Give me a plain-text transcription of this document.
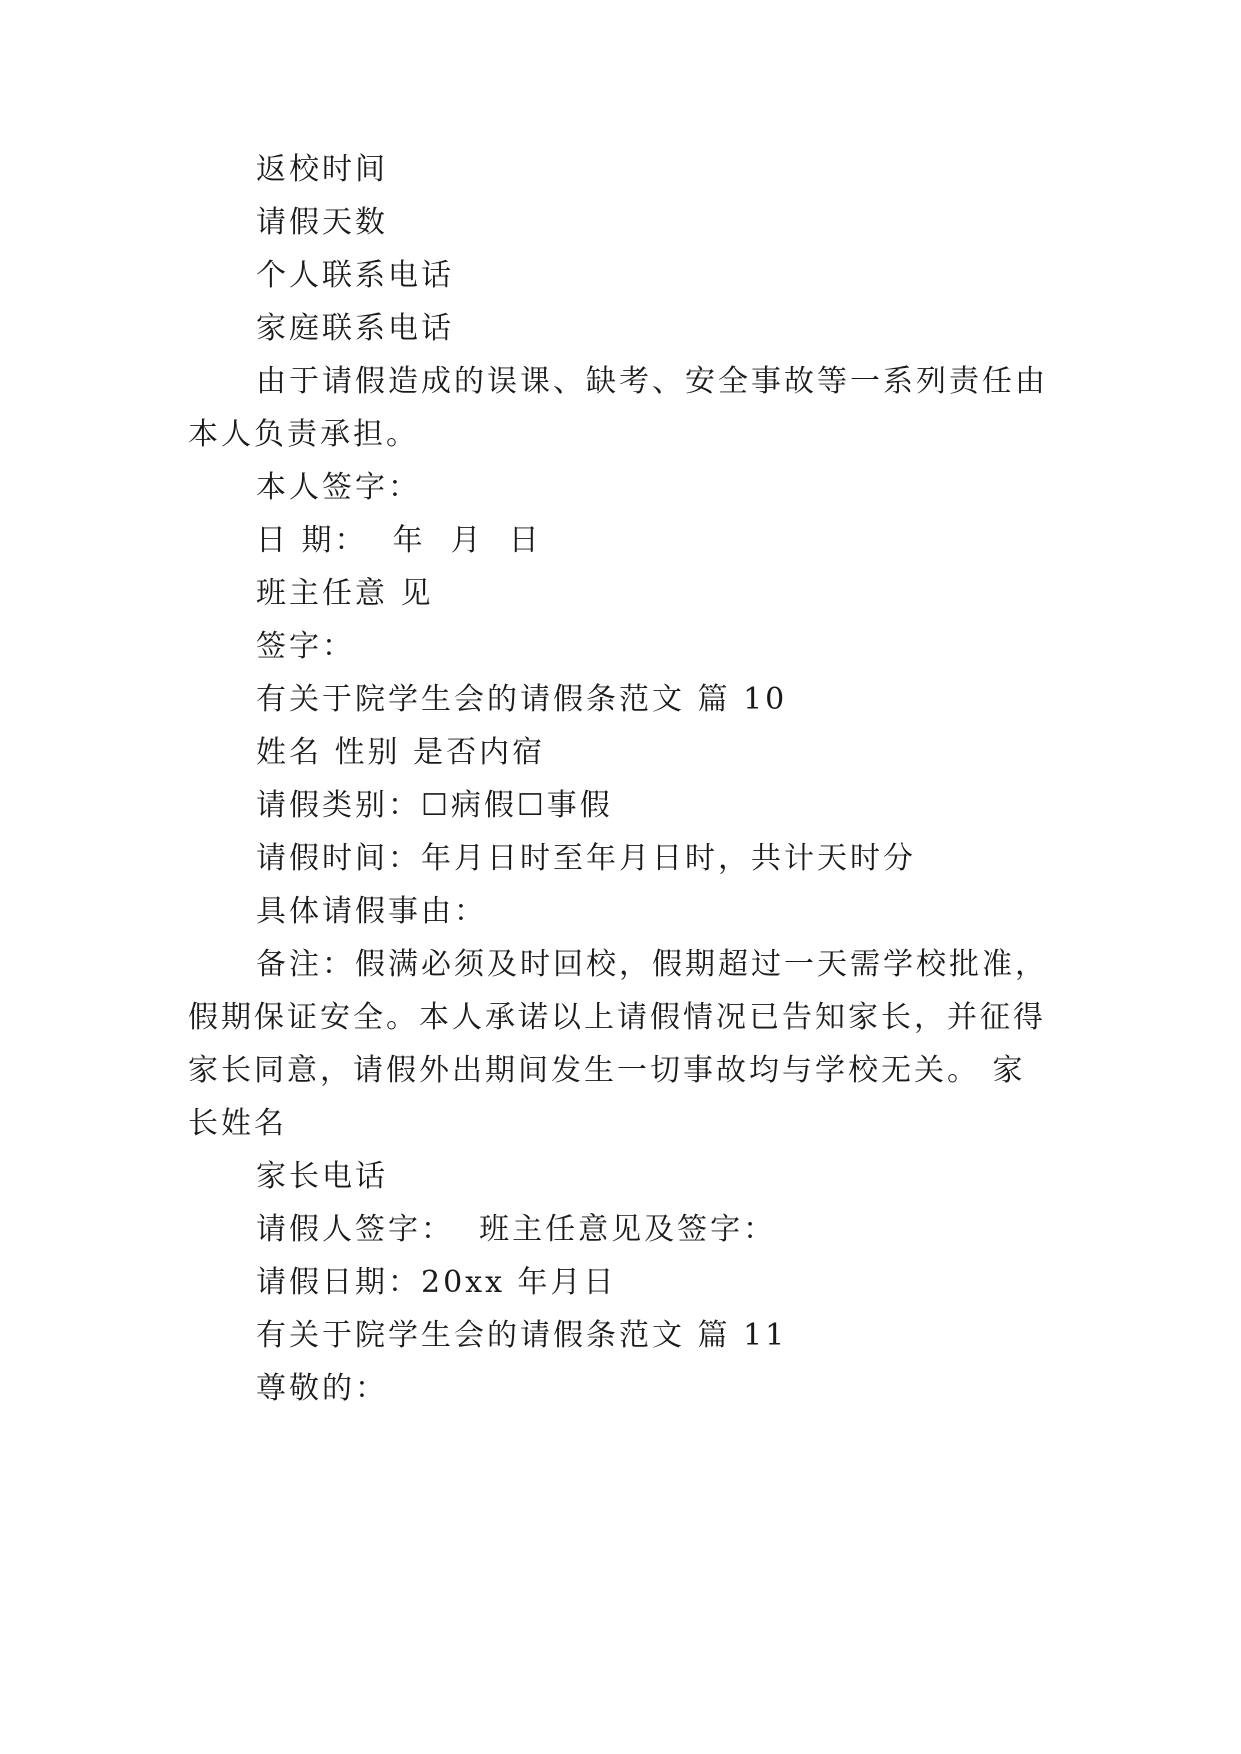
返校时间
请假天数
个人联系电话
家庭联系电话
由于请假造成的误课、缺考、安全事故等一系列责任由
本人负责承担。
本人签字：
日 期：  年  月  日
班主任意 见
签字：
有关于院学生会的请假条范文 篇 10
姓名 性别 是否内宿
请假类别：☐病假☐事假
请假时间：年月日时至年月日时，共计天时分
具体请假事由：
备注：假满必须及时回校，假期超过一天需学校批准，
假期保证安全。本人承诺以上请假情况已告知家长，并征得
家长同意，请假外出期间发生一切事故均与学校无关。 家
长姓名
家长电话
请假人签字：  班主任意见及签字：
请假日期：20xx 年月日
有关于院学生会的请假条范文 篇 11
尊敬的：
